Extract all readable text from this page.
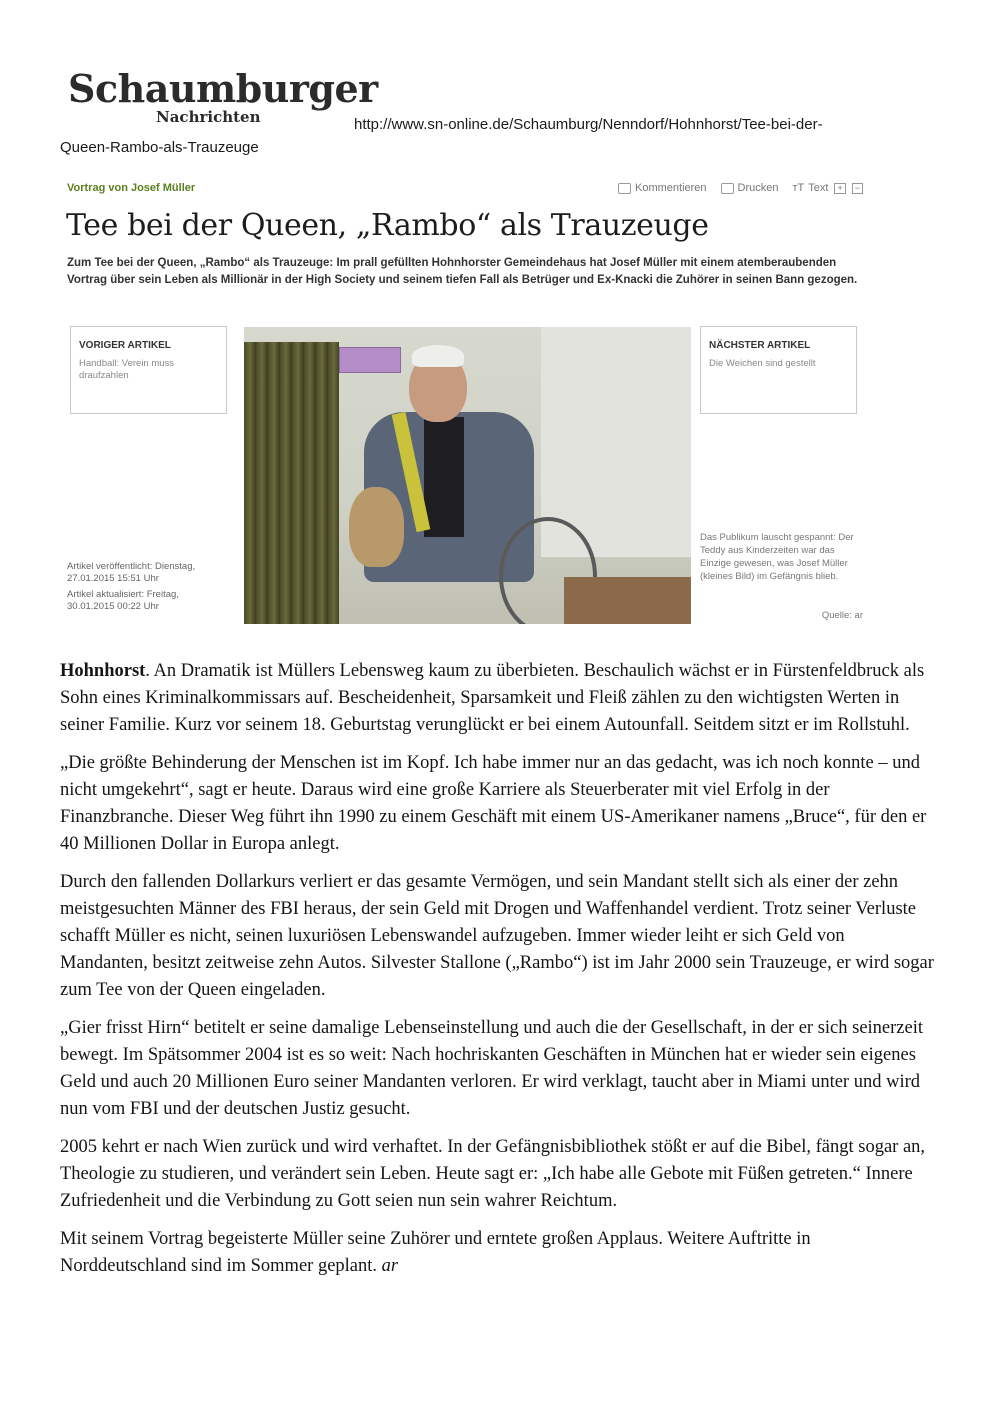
Schaumburger
Nachrichten	http://www.sn-online.de/Schaumburg/Nenndorf/Hohnhorst/Tee-bei-der-
Queen-Rambo-als-Trauzeuge
Vortrag von Josef Müller	Kommentieren	Drucken ᴛT Text	+	−
Tee bei der Queen, „Rambo“ als Trauzeuge
Zum Tee bei der Queen, „Rambo“ als Trauzeuge: Im prall gefüllten Hohnhorster Gemeindehaus hat Josef Müller mit einem atemberaubenden Vortrag über sein Leben als Millionär in der High Society und seinem tiefen Fall als Betrüger und Ex-Knacki die Zuhörer in seinen Bann gezogen.
VORIGER ARTIKEL
Handball: Verein muss draufzahlen
NÄCHSTER ARTIKEL
Die Weichen sind gestellt
Artikel veröffentlicht: Dienstag, 27.01.2015 15:51 Uhr
Artikel aktualisiert: Freitag, 30.01.2015 00:22 Uhr
Das Publikum lauscht gespannt: Der Teddy aus Kinderzeiten war das Einzige gewesen, was Josef Müller (kleines Bild) im Gefängnis blieb.
Quelle: ar

Hohnhorst. An Dramatik ist Müllers Lebensweg kaum zu überbieten. Beschaulich wächst er in Fürstenfeldbruck als Sohn eines Kriminalkommissars auf. Bescheidenheit, Sparsamkeit und Fleiß zählen zu den wichtigsten Werten in seiner Familie. Kurz vor seinem 18. Geburtstag verunglückt er bei einem Autounfall. Seitdem sitzt er im Rollstuhl.

„Die größte Behinderung der Menschen ist im Kopf. Ich habe immer nur an das gedacht, was ich noch konnte – und nicht umgekehrt“, sagt er heute. Daraus wird eine große Karriere als Steuerberater mit viel Erfolg in der Finanzbranche. Dieser Weg führt ihn 1990 zu einem Geschäft mit einem US-Amerikaner namens „Bruce“, für den er 40 Millionen Dollar in Europa anlegt.

Durch den fallenden Dollarkurs verliert er das gesamte Vermögen, und sein Mandant stellt sich als einer der zehn meistgesuchten Männer des FBI heraus, der sein Geld mit Drogen und Waffenhandel verdient. Trotz seiner Verluste schafft Müller es nicht, seinen luxuriösen Lebenswandel aufzugeben. Immer wieder leiht er sich Geld von Mandanten, besitzt zeitweise zehn Autos. Silvester Stallone („Rambo“) ist im Jahr 2000 sein Trauzeuge, er wird sogar zum Tee von der Queen eingeladen.

„Gier frisst Hirn“ betitelt er seine damalige Lebenseinstellung und auch die der Gesellschaft, in der er sich seinerzeit bewegt. Im Spätsommer 2004 ist es so weit: Nach hochriskanten Geschäften in München hat er wieder sein eigenes Geld und auch 20 Millionen Euro seiner Mandanten verloren. Er wird verklagt, taucht aber in Miami unter und wird nun vom FBI und der deutschen Justiz gesucht.

2005 kehrt er nach Wien zurück und wird verhaftet. In der Gefängnisbibliothek stößt er auf die Bibel, fängt sogar an, Theologie zu studieren, und verändert sein Leben. Heute sagt er: „Ich habe alle Gebote mit Füßen getreten.“ Innere Zufriedenheit und die Verbindung zu Gott seien nun sein wahrer Reichtum.

Mit seinem Vortrag begeisterte Müller seine Zuhörer und erntete großen Applaus. Weitere Auftritte in Norddeutschland sind im Sommer geplant. ar
